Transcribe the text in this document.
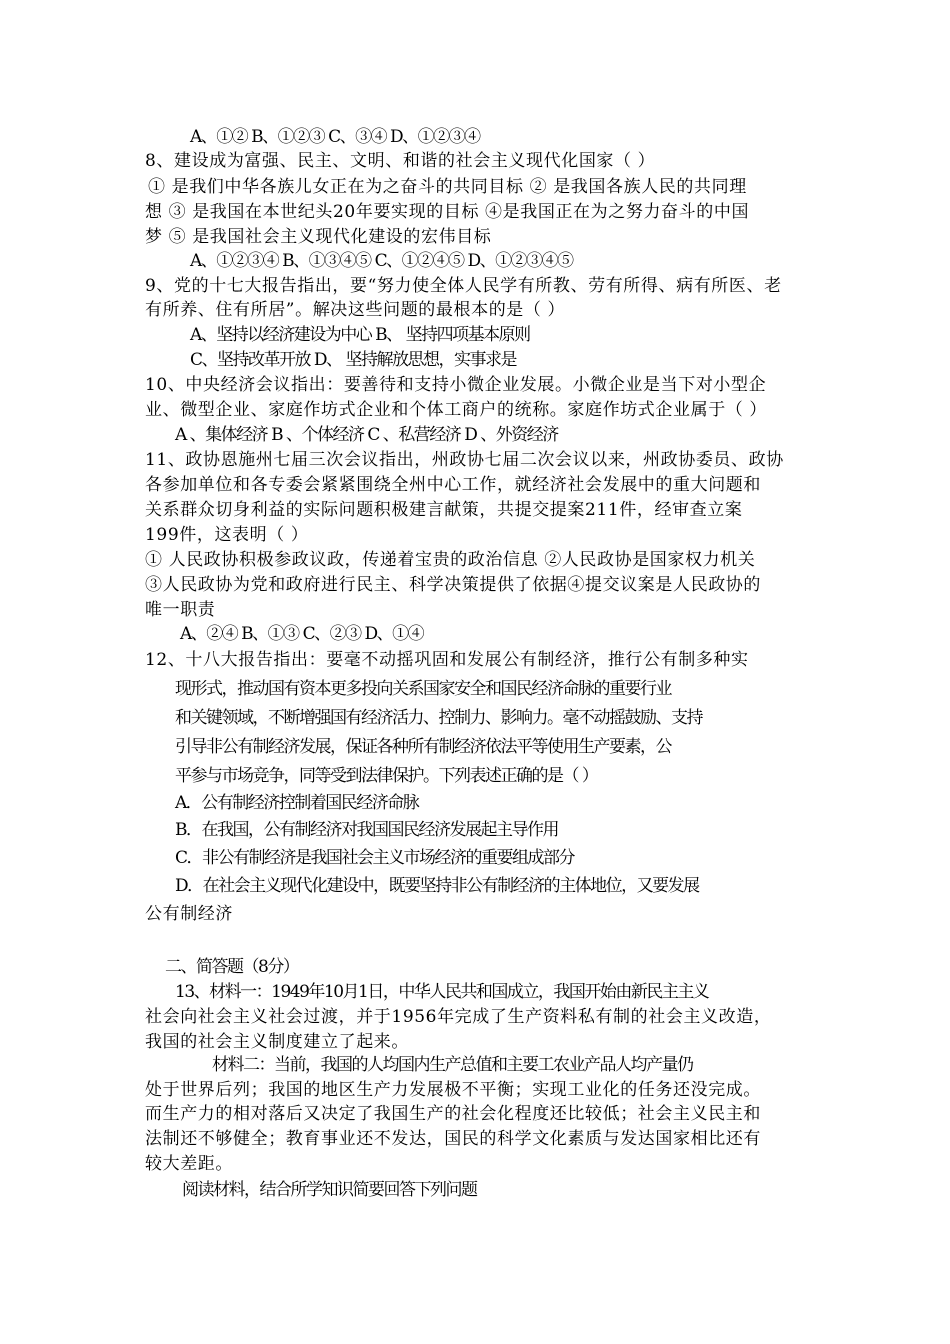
A、①② B、①②③ C、③④ D、①②③④
8、建设成为富强、民主、文明、和谐的社会主义现代化国家（ ）
① 是我们中华各族儿女正在为之奋斗的共同目标 ② 是我国各族人民的共同理
想 ③ 是我国在本世纪头20年要实现的目标 ④是我国正在为之努力奋斗的中国
梦 ⑤ 是我国社会主义现代化建设的宏伟目标
A、①②③④ B、①③④⑤ C、①②④⑤ D、①②③④⑤
9、党的十七大报告指出，要“努力使全体人民学有所教、劳有所得、病有所医、老
有所养、住有所居”。解决这些问题的最根本的是（ ）
A、坚持以经济建设为中心 B、 坚持四项基本原则
C、坚持改革开放 D、 坚持解放思想，实事求是
10、中央经济会议指出：要善待和支持小微企业发展。小微企业是当下对小型企
业、微型企业、家庭作坊式企业和个体工商户的统称。家庭作坊式企业属于（ ）
A 、集体经济 B 、个体经济 C 、私营经济 D 、外资经济
11、政协恩施州七届三次会议指出，州政协七届二次会议以来，州政协委员、政协
各参加单位和各专委会紧紧围绕全州中心工作，就经济社会发展中的重大问题和
关系群众切身利益的实际问题积极建言献策，共提交提案211件，经审查立案
199件，这表明（ ）
① 人民政协积极参政议政，传递着宝贵的政治信息 ②人民政协是国家权力机关
③人民政协为党和政府进行民主、科学决策提供了依据④提交议案是人民政协的
唯一职责
A、②④ B、①③ C、②③ D、①④
12、十八大报告指出：要毫不动摇巩固和发展公有制经济，推行公有制多种实
现形式，推动国有资本更多投向关系国家安全和国民经济命脉的重要行业
和关键领域，不断增强国有经济活力、控制力、影响力。毫不动摇鼓励、支持
引导非公有制经济发展，保证各种所有制经济依法平等使用生产要素，公
平参与市场竞争，同等受到法律保护。下列表述正确的是（ ）
A．公有制经济控制着国民经济命脉
B．在我国，公有制经济对我国国民经济发展起主导作用
C．非公有制经济是我国社会主义市场经济的重要组成部分
D．在社会主义现代化建设中，既要坚持非公有制经济的主体地位，又要发展
公有制经济
二、简答题（8分）
13、材料一：1949年10月1日，中华人民共和国成立，我国开始由新民主主义
社会向社会主义社会过渡，并于1956年完成了生产资料私有制的社会主义改造，
我国的社会主义制度建立了起来。
材料二：当前，我国的人均国内生产总值和主要工农业产品人均产量仍
处于世界后列；我国的地区生产力发展极不平衡；实现工业化的任务还没完成。
而生产力的相对落后又决定了我国生产的社会化程度还比较低；社会主义民主和
法制还不够健全；教育事业还不发达，国民的科学文化素质与发达国家相比还有
较大差距。
阅读材料，结合所学知识简要回答下列问题
